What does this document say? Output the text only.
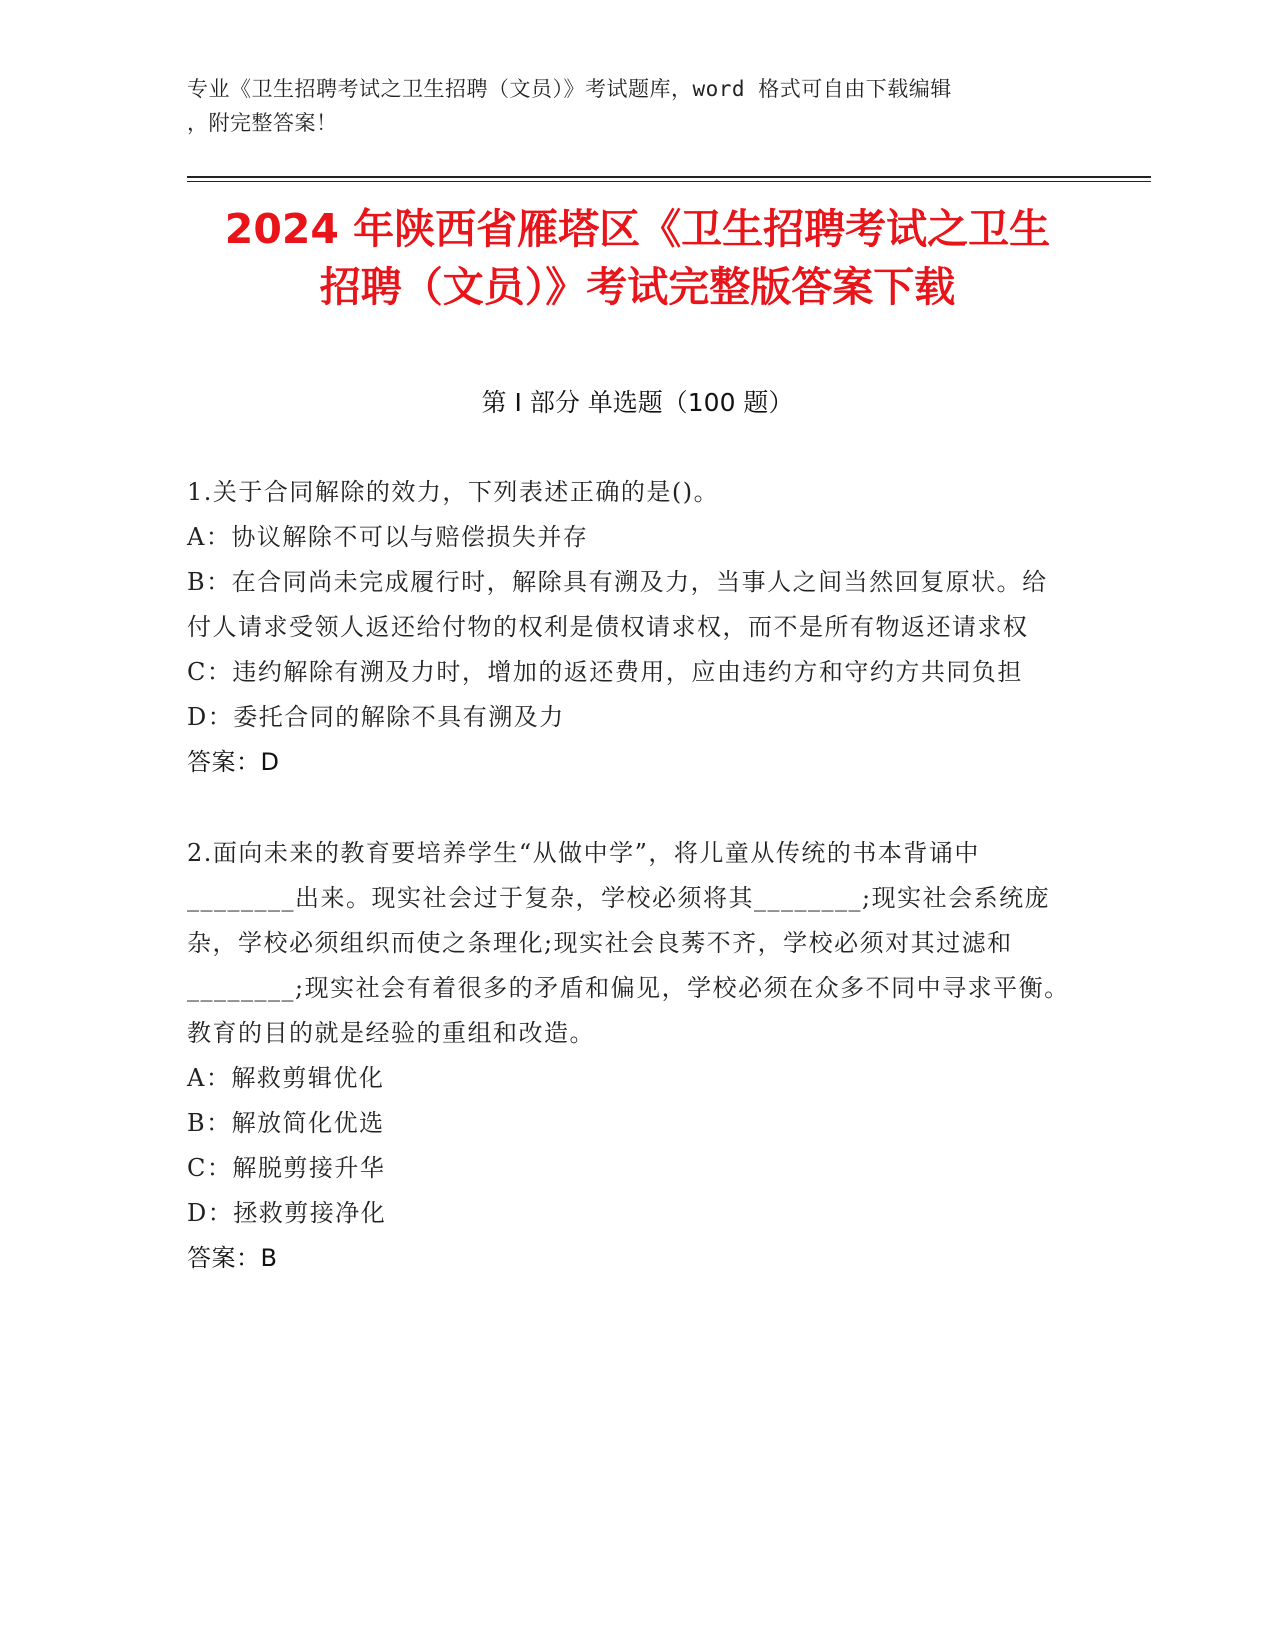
专业《卫生招聘考试之卫生招聘（文员）》考试题库，word 格式可自由下载编辑
，附完整答案！
2024 年陕西省雁塔区《卫生招聘考试之卫生
招聘（文员）》考试完整版答案下载
第 I 部分 单选题（100 题）
1.关于合同解除的效力，下列表述正确的是()。
A：协议解除不可以与赔偿损失并存
B：在合同尚未完成履行时，解除具有溯及力，当事人之间当然回复原状。给付人请求受领人返还给付物的权利是债权请求权，而不是所有物返还请求权
C：违约解除有溯及力时，增加的返还费用，应由违约方和守约方共同负担
D：委托合同的解除不具有溯及力
答案：D
2.面向未来的教育要培养学生“从做中学”，将儿童从传统的书本背诵中________出来。现实社会过于复杂，学校必须将其________;现实社会系统庞杂，学校必须组织而使之条理化;现实社会良莠不齐，学校必须对其过滤和________;现实社会有着很多的矛盾和偏见，学校必须在众多不同中寻求平衡。教育的目的就是经验的重组和改造。
A：解救剪辑优化
B：解放简化优选
C：解脱剪接升华
D：拯救剪接净化
答案：B
